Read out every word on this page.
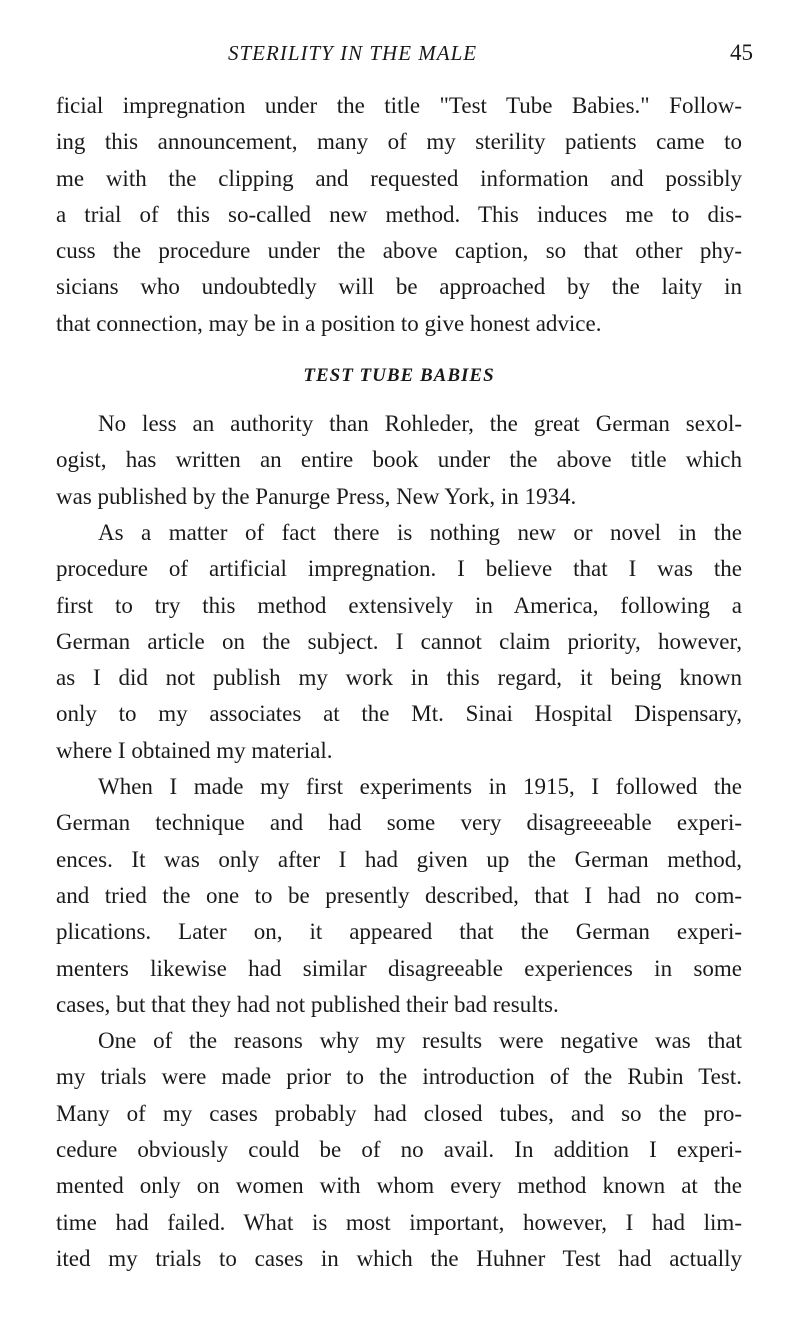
STERILITY IN THE MALE	45
ficial impregnation under the title "Test Tube Babies." Follow-
ing this announcement, many of my sterility patients came to
me with the clipping and requested information and possibly
a trial of this so-called new method. This induces me to dis-
cuss the procedure under the above caption, so that other phy-
sicians who undoubtedly will be approached by the laity in
that connection, may be in a position to give honest advice.
TEST TUBE BABIES
No less an authority than Rohleder, the great German sexol-
ogist, has written an entire book under the above title which
was published by the Panurge Press, New York, in 1934.
As a matter of fact there is nothing new or novel in the
procedure of artificial impregnation. I believe that I was the
first to try this method extensively in America, following a
German article on the subject. I cannot claim priority, however,
as I did not publish my work in this regard, it being known
only to my associates at the Mt. Sinai Hospital Dispensary,
where I obtained my material.
When I made my first experiments in 1915, I followed the
German technique and had some very disagreeeable experi-
ences. It was only after I had given up the German method,
and tried the one to be presently described, that I had no com-
plications. Later on, it appeared that the German experi-
menters likewise had similar disagreeable experiences in some
cases, but that they had not published their bad results.
One of the reasons why my results were negative was that
my trials were made prior to the introduction of the Rubin Test.
Many of my cases probably had closed tubes, and so the pro-
cedure obviously could be of no avail. In addition I experi-
mented only on women with whom every method known at the
time had failed. What is most important, however, I had lim-
ited my trials to cases in which the Huhner Test had actually
